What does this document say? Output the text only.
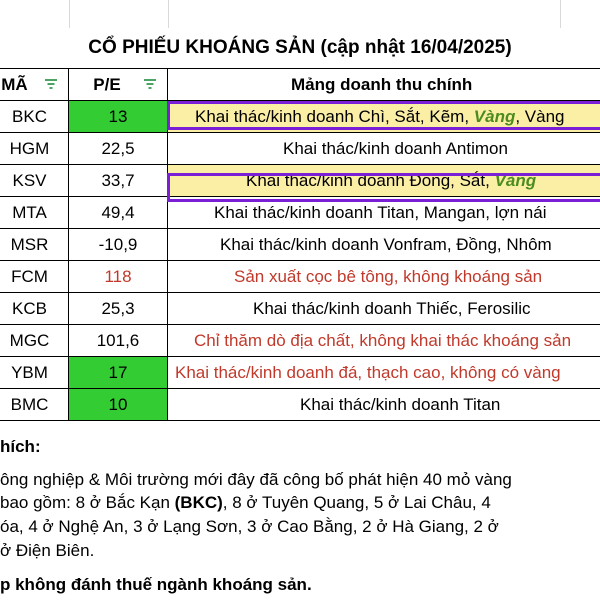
CỔ PHIẾU KHOÁNG SẢN (cập nhật 16/04/2025)
MÃ	P/E	Mảng doanh thu chính
BKC	13	Khai thác/kinh doanh Chì, Sắt, Kẽm, Vàng, Vàng
HGM	22,5	Khai thác/kinh doanh Antimon
KSV	33,7	Khai thác/kinh doanh Đồng, Sắt, Vàng
MTA	49,4	Khai thác/kinh doanh Titan, Mangan, lợn nái
MSR	-10,9	Khai thác/kinh doanh Vonfram, Đồng, Nhôm
FCM	118	Sản xuất cọc bê tông, không khoáng sản
KCB	25,3	Khai thác/kinh doanh Thiếc, Ferosilic
MGC	101,6	Chỉ thăm dò địa chất, không khai thác khoáng sản
YBM	17	Khai thác/kinh doanh đá, thạch cao, không có vàng
BMC	10	Khai thác/kinh doanh Titan
hích:
ông nghiệp & Môi trường mới đây đã công bố phát hiện 40 mỏ vàng
bao gồm: 8 ở Bắc Kạn (BKC), 8 ở Tuyên Quang, 5 ở Lai Châu, 4
óa, 4 ở Nghệ An, 3 ở Lạng Sơn, 3 ở Cao Bằng, 2 ở Hà Giang, 2 ở
ở Điện Biên.
p không đánh thuế ngành khoáng sản.
